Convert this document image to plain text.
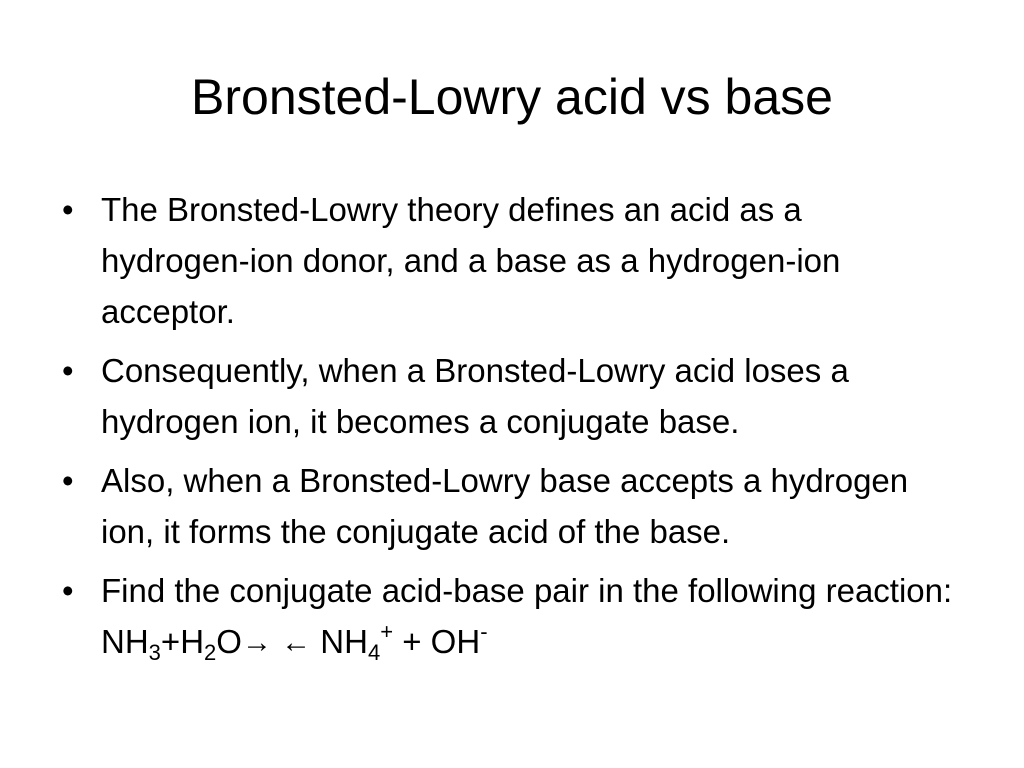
Bronsted-Lowry acid vs base
• The Bronsted-Lowry theory defines an acid as a hydrogen-ion donor, and a base as a hydrogen-ion acceptor.
• Consequently, when a Bronsted-Lowry acid loses a hydrogen ion, it becomes a conjugate base.
• Also, when a Bronsted-Lowry base accepts a hydrogen ion, it forms the conjugate acid of the base.
• Find the conjugate acid-base pair in the following reaction: $NH_3+H_2O\to$ ← $NH_4^+ + OH^-$
